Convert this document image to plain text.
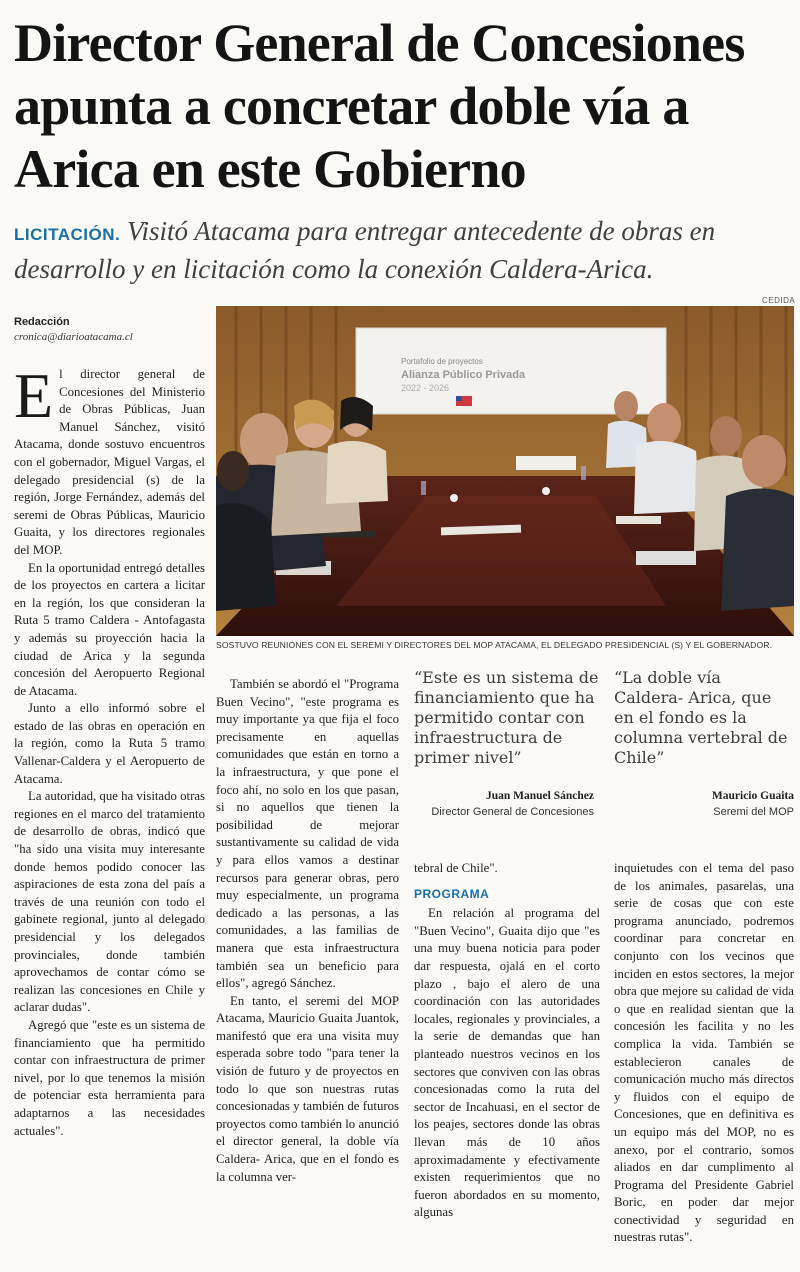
Director General de Concesiones apunta a concretar doble vía a Arica en este Gobierno
LICITACIÓN. Visitó Atacama para entregar antecedente de obras en desarrollo y en licitación como la conexión Caldera-Arica.
Redacción
cronica@diarioatacama.cl
CEDIDA
Portafolio de proyectos
Alianza Público Privada
2022 - 2026
SOSTUVO REUNIONES CON EL SEREMI Y DIRECTORES DEL MOP ATACAMA, EL DELEGADO PRESIDENCIAL (S) Y EL GOBERNADOR.

El director general de Concesiones del Ministerio de Obras Públicas, Juan Manuel Sánchez, visitó Atacama, donde sostuvo encuentros con el gobernador, Miguel Vargas, el delegado presidencial (s) de la región, Jorge Fernández, además del seremi de Obras Públicas, Mauricio Guaita, y los directores regionales del MOP.

En la oportunidad entregó detalles de los proyectos en cartera a licitar en la región, los que consideran la Ruta 5 tramo Caldera - Antofagasta y además su proyección hacia la ciudad de Arica y la segunda concesión del Aeropuerto Regional de Atacama.

Junto a ello informó sobre el estado de las obras en operación en la región, como la Ruta 5 tramo Vallenar-Caldera y el Aeropuerto de Atacama.

La autoridad, que ha visitado otras regiones en el marco del tratamiento de desarrollo de obras, indicó que "ha sido una visita muy interesante donde hemos podido conocer las aspiraciones de esta zona del país a través de una reunión con todo el gabinete regional, junto al delegado presidencial y los delegados provinciales, donde también aprovechamos de contar cómo se realizan las concesiones en Chile y aclarar dudas".

Agregó que "este es un sistema de financiamiento que ha permitido contar con infraestructura de primer nivel, por lo que tenemos la misión de potenciar esta herramienta para adaptarnos a las necesidades actuales".

También se abordó el "Programa Buen Vecino", "este programa es muy importante ya que fija el foco precisamente en aquellas comunidades que están en torno a la infraestructura, y que pone el foco ahí, no solo en los que pasan, si no aquellos que tienen la posibilidad de mejorar sustantivamente su calidad de vida y para ellos vamos a destinar recursos para generar obras, pero muy especialmente, un programa dedicado a las personas, a las comunidades, a las familias de manera que esta infraestructura también sea un beneficio para ellos", agregó Sánchez.

En tanto, el seremi del MOP Atacama, Mauricio Guaita Juantok, manifestó que era una visita muy esperada sobre todo "para tener la visión de futuro y de proyectos en todo lo que son nuestras rutas concesionadas y también de futuros proyectos como también lo anunció el director general, la doble vía Caldera- Arica, que en el fondo es la columna ver-

“Este es un sistema de financiamiento que ha permitido contar con infraestructura de primer nivel”
Juan Manuel Sánchez
Director General de Concesiones
“La doble vía Caldera- Arica, que en el fondo es la columna vertebral de Chile”
Mauricio Guaita
Seremi del MOP

tebral de Chile".

PROGRAMA

En relación al programa del "Buen Vecino", Guaita dijo que "es una muy buena noticia para poder dar respuesta, ojalá en el corto plazo , bajo el alero de una coordinación con las autoridades locales, regionales y provinciales, a la serie de demandas que han planteado nuestros vecinos en los sectores que conviven con las obras concesionadas como la ruta del sector de Incahuasi, en el sector de los peajes, sectores donde las obras llevan más de 10 años aproximadamente y efectivamente existen requerimientos que no fueron abordados en su momento, algunas

inquietudes con el tema del paso de los animales, pasarelas, una serie de cosas que con este programa anunciado, podremos coordinar para concretar en conjunto con los vecinos que inciden en estos sectores, la mejor obra que mejore su calidad de vida o que en realidad sientan que la concesión les facilita y no les complica la vida. También se establecieron canales de comunicación mucho más directos y fluidos con el equipo de Concesiones, que en definitiva es un equipo más del MOP, no es anexo, por el contrario, somos aliados en dar cumplimento al Programa del Presidente Gabriel Boric, en poder dar mejor conectividad y seguridad en nuestras rutas".
